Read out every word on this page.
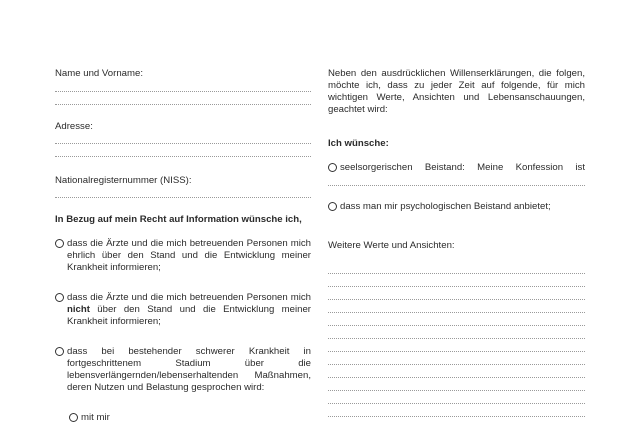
Name und Vorname:
Adresse:
Nationalregisternummer (NISS):
In Bezug auf mein Recht auf Information wünsche ich,
dass die Ärzte und die mich betreuenden Personen mich ehrlich über den Stand und die Entwicklung meiner Krankheit informieren;
dass die Ärzte und die mich betreuenden Personen mich nicht über den Stand und die Entwicklung meiner Krankheit informieren;
dass bei bestehender schwerer Krankheit in fortgeschrittenem Stadium über die lebensverlängernden/lebenserhaltenden Maßnahmen, deren Nutzen und Belastung gesprochen wird:
mit mir
Neben den ausdrücklichen Willenserklärungen, die folgen, möchte ich, dass zu jeder Zeit auf folgende, für mich wichtigen Werte, Ansichten und Lebensanschauungen, geachtet wird:
Ich wünsche:
seelsorgerischen Beistand: Meine Konfession ist
dass man mir psychologischen Beistand anbietet;
Weitere Werte und Ansichten:
